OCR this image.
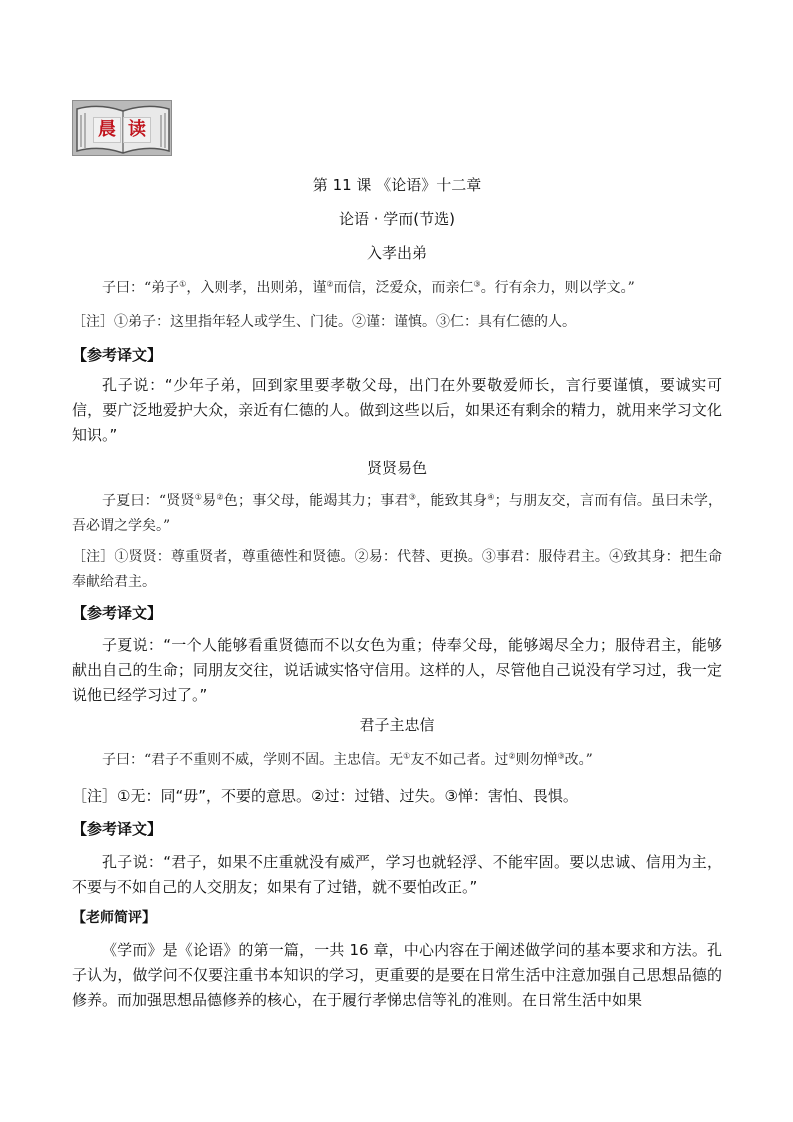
晨 读
第 11 课 《论语》十二章
论语 · 学而(节选)
入孝出弟
子曰：“弟子①，入则孝，出则弟，谨②而信，泛爱众，而亲仁③。行有余力，则以学文。”
［注］①弟子：这里指年轻人或学生、门徒。②谨：谨慎。③仁：具有仁德的人。
【参考译文】
孔子说：“少年子弟，回到家里要孝敬父母，出门在外要敬爱师长，言行要谨慎，要诚实可信，要广泛地爱护大众，亲近有仁德的人。做到这些以后，如果还有剩余的精力，就用来学习文化知识。”
贤贤易色
子夏曰：“贤贤①易②色；事父母，能竭其力；事君③，能致其身④；与朋友交，言而有信。虽曰未学，吾必谓之学矣。”
［注］①贤贤：尊重贤者，尊重德性和贤德。②易：代替、更换。③事君：服侍君主。④致其身：把生命奉献给君主。
【参考译文】
子夏说：“一个人能够看重贤德而不以女色为重；侍奉父母，能够竭尽全力；服侍君主，能够献出自己的生命；同朋友交往，说话诚实恪守信用。这样的人，尽管他自己说没有学习过，我一定说他已经学习过了。”
君子主忠信
子曰：“君子不重则不威，学则不固。主忠信。无①友不如己者。过②则勿惮③改。”
［注］①无：同“毋”，不要的意思。②过：过错、过失。③惮：害怕、畏惧。
【参考译文】
孔子说：“君子，如果不庄重就没有威严，学习也就轻浮、不能牢固。要以忠诚、信用为主，不要与不如自己的人交朋友；如果有了过错，就不要怕改正。”
【老师简评】
《学而》是《论语》的第一篇，一共 16 章，中心内容在于阐述做学问的基本要求和方法。孔子认为，做学问不仅要注重书本知识的学习，更重要的是要在日常生活中注意加强自己思想品德的修养。而加强思想品德修养的核心，在于履行孝悌忠信等礼的准则。在日常生活中如果
